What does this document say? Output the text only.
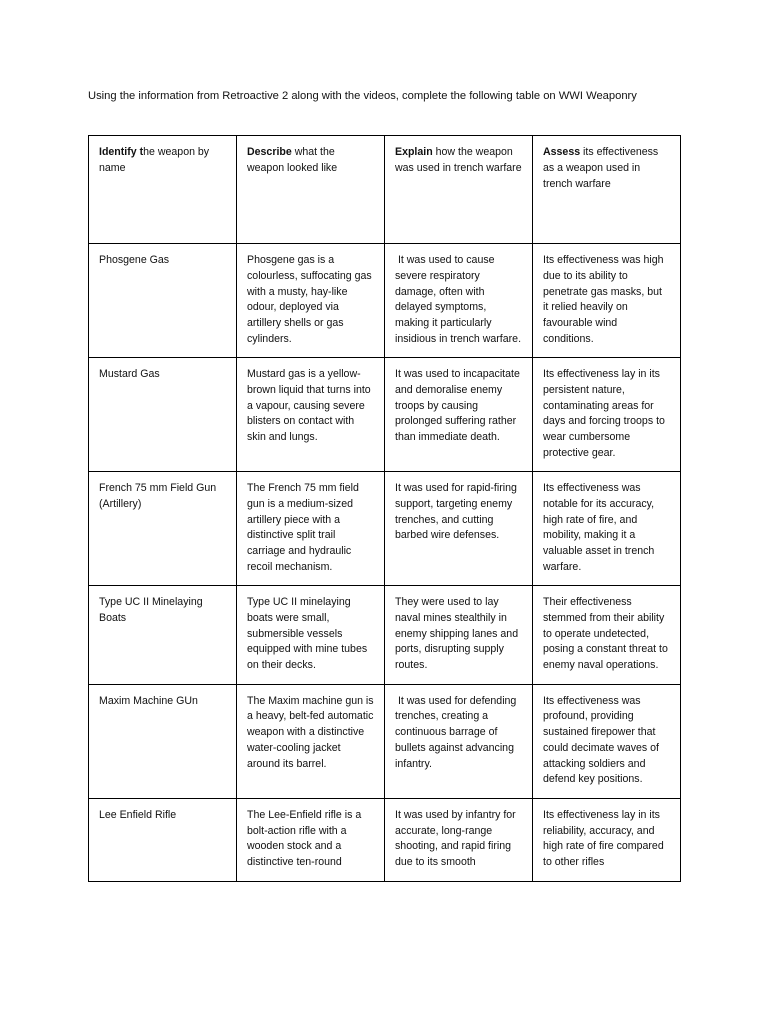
Using the information from Retroactive 2 along with the videos, complete the following table on WWI Weaponry

Identify the weapon by name	Describe what the weapon looked like	Explain how the weapon was used in trench warfare	Assess its effectiveness as a weapon used in trench warfare

Phosgene Gas	Phosgene gas is a colourless, suffocating gas with a musty, hay-like odour, deployed via artillery shells or gas cylinders.	It was used to cause severe respiratory damage, often with delayed symptoms, making it particularly insidious in trench warfare.	Its effectiveness was high due to its ability to penetrate gas masks, but it relied heavily on favourable wind conditions.

Mustard Gas	Mustard gas is a yellow-brown liquid that turns into a vapour, causing severe blisters on contact with skin and lungs.	It was used to incapacitate and demoralise enemy troops by causing prolonged suffering rather than immediate death.	Its effectiveness lay in its persistent nature, contaminating areas for days and forcing troops to wear cumbersome protective gear.

French 75 mm Field Gun (Artillery)	The French 75 mm field gun is a medium-sized artillery piece with a distinctive split trail carriage and hydraulic recoil mechanism.	It was used for rapid-firing support, targeting enemy trenches, and cutting barbed wire defenses.	Its effectiveness was notable for its accuracy, high rate of fire, and mobility, making it a valuable asset in trench warfare.

Type UC II Minelaying Boats	Type UC II minelaying boats were small, submersible vessels equipped with mine tubes on their decks.	They were used to lay naval mines stealthily in enemy shipping lanes and ports, disrupting supply routes.	Their effectiveness stemmed from their ability to operate undetected, posing a constant threat to enemy naval operations.

Maxim Machine GUn	The Maxim machine gun is a heavy, belt-fed automatic weapon with a distinctive water-cooling jacket around its barrel.	It was used for defending trenches, creating a continuous barrage of bullets against advancing infantry.	Its effectiveness was profound, providing sustained firepower that could decimate waves of attacking soldiers and defend key positions.

Lee Enfield Rifle	The Lee-Enfield rifle is a bolt-action rifle with a wooden stock and a distinctive ten-round	It was used by infantry for accurate, long-range shooting, and rapid firing due to its smooth	Its effectiveness lay in its reliability, accuracy, and high rate of fire compared to other rifles
